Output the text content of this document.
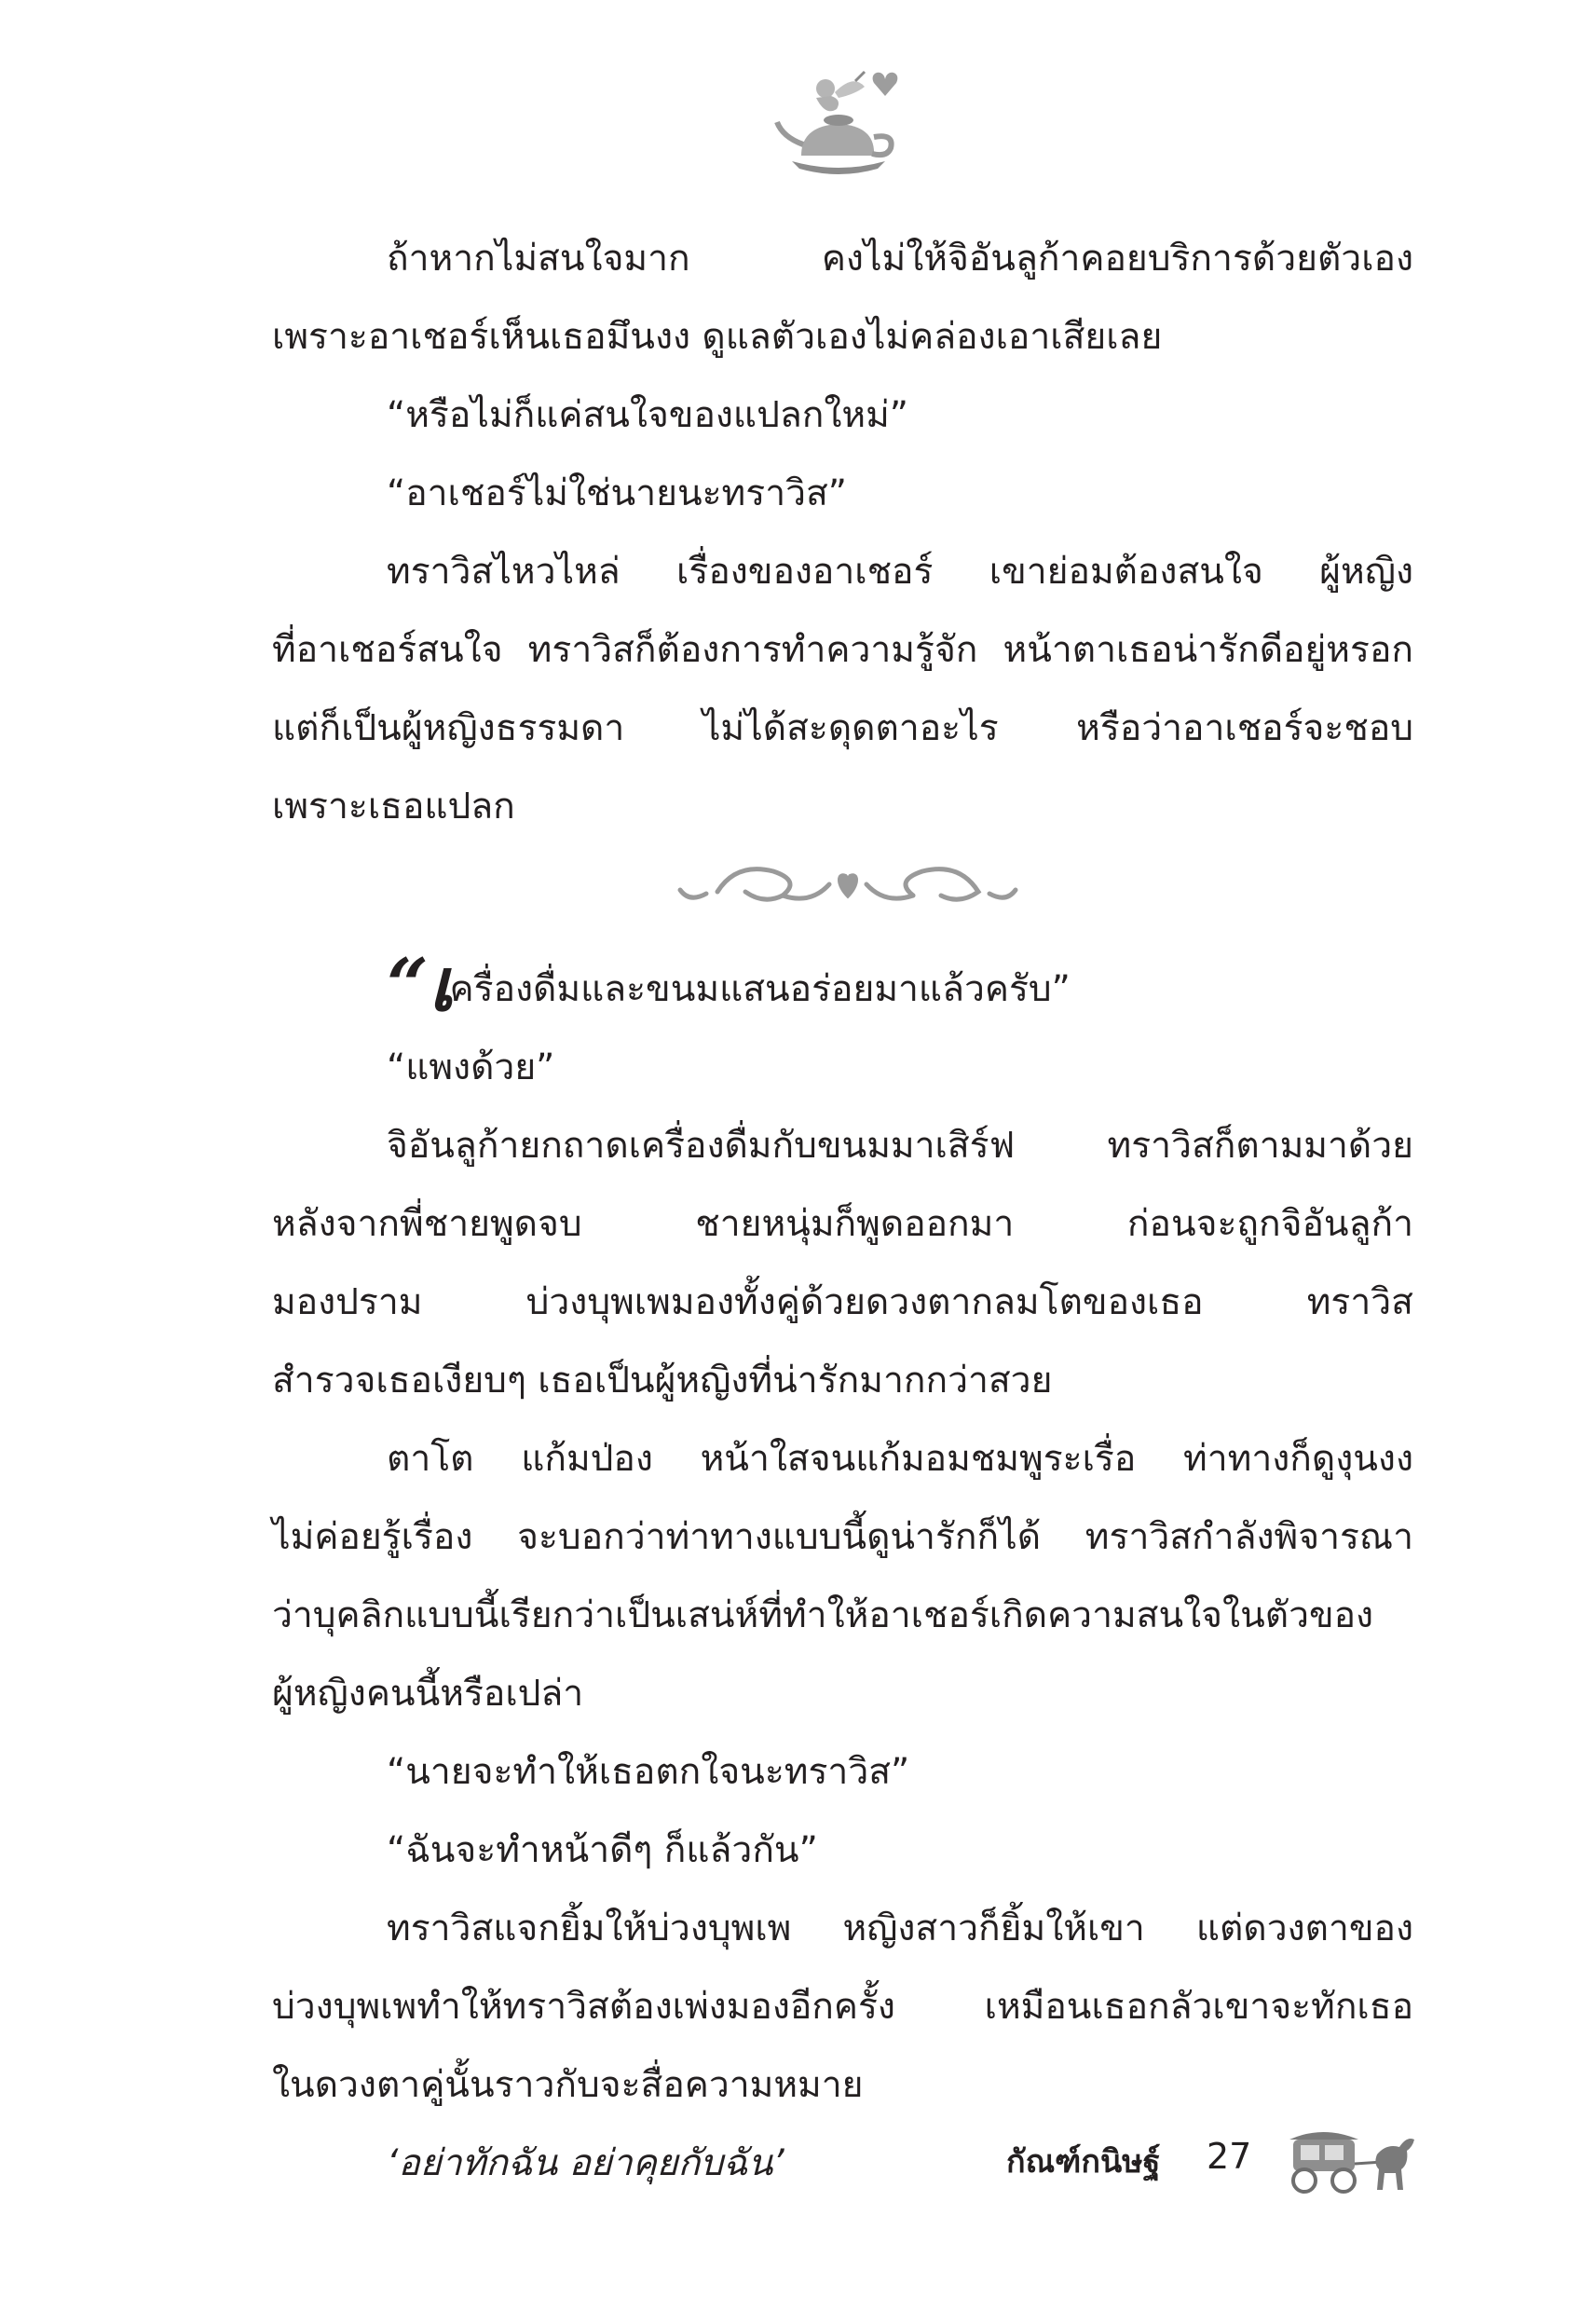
ถ้าหากไม่สนใจมาก คงไม่ให้จิอันลูก้าคอยบริการด้วยตัวเอง

เพราะอาเชอร์เห็นเธอมึนงง ดูแลตัวเองไม่คล่องเอาเสียเลย

“หรือไม่ก็แค่สนใจของแปลกใหม่”

“อาเชอร์ไม่ใช่นายนะทราวิส”

ทราวิสไหวไหล่ เรื่องของอาเชอร์ เขาย่อมต้องสนใจ ผู้หญิง

ที่อาเชอร์สนใจ ทราวิสก็ต้องการทำความรู้จัก หน้าตาเธอน่ารักดีอยู่หรอก

แต่ก็เป็นผู้หญิงธรรมดา ไม่ได้สะดุดตาอะไร หรือว่าอาเชอร์จะชอบ

เพราะเธอแปลก

“เครื่องดื่มและขนมแสนอร่อยมาแล้วครับ”

“แพงด้วย”

จิอันลูก้ายกถาดเครื่องดื่มกับขนมมาเสิร์ฟ ทราวิสก็ตามมาด้วย

หลังจากพี่ชายพูดจบ ชายหนุ่มก็พูดออกมา ก่อนจะถูกจิอันลูก้า

มองปราม บ่วงบุพเพมองทั้งคู่ด้วยดวงตากลมโตของเธอ ทราวิส

สำรวจเธอเงียบๆ เธอเป็นผู้หญิงที่น่ารักมากกว่าสวย

ตาโต แก้มป่อง หน้าใสจนแก้มอมชมพูระเรื่อ ท่าทางก็ดูงุนงง

ไม่ค่อยรู้เรื่อง จะบอกว่าท่าทางแบบนี้ดูน่ารักก็ได้ ทราวิสกำลังพิจารณา

ว่าบุคลิกแบบนี้เรียกว่าเป็นเสน่ห์ที่ทำให้อาเชอร์เกิดความสนใจในตัวของ

ผู้หญิงคนนี้หรือเปล่า

“นายจะทำให้เธอตกใจนะทราวิส”

“ฉันจะทำหน้าดีๆ ก็แล้วกัน”

ทราวิสแจกยิ้มให้บ่วงบุพเพ หญิงสาวก็ยิ้มให้เขา แต่ดวงตาของ

บ่วงบุพเพทำให้ทราวิสต้องเพ่งมองอีกครั้ง เหมือนเธอกลัวเขาจะทักเธอ

ในดวงตาคู่นั้นราวกับจะสื่อความหมาย

‘อย่าทักฉัน อย่าคุยกับฉัน’	กัณฑ์กนิษฐ์ 27
